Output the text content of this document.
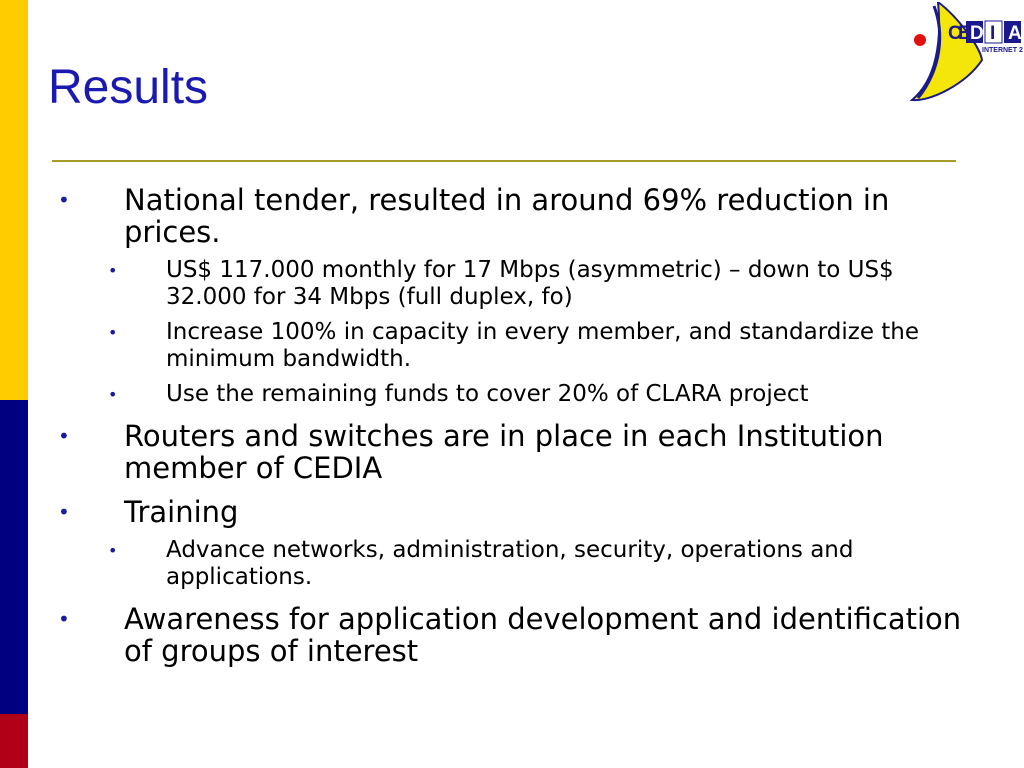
Results
CED I A
INTERNET 2
• National tender, resulted in around 69% reduction in prices.
• US$ 117.000 monthly for 17 Mbps (asymmetric) – down to US$ 32.000 for 34 Mbps (full duplex, fo)
• Increase 100% in capacity in every member, and standardize the minimum bandwidth.
• Use the remaining funds to cover 20% of CLARA project
• Routers and switches are in place in each Institution member of CEDIA
• Training
• Advance networks, administration, security, operations and applications.
• Awareness for application development and identification of groups of interest
